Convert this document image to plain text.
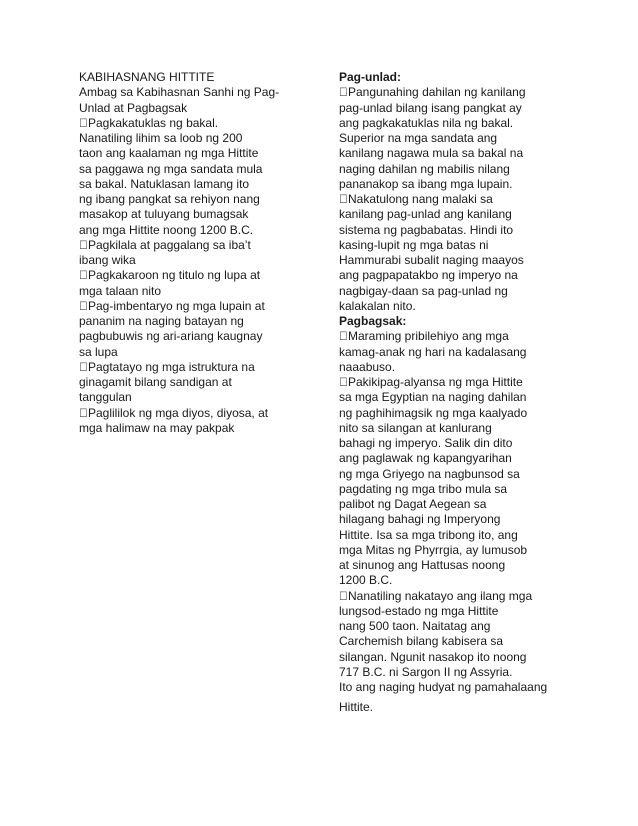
KABIHASNANG HITTITE
Ambag sa Kabihasnan Sanhi ng Pag-
Unlad at Pagbagsak
Pagkakatuklas ng bakal.
Nanatiling lihim sa loob ng 200
taon ang kaalaman ng mga Hittite
sa paggawa ng mga sandata mula
sa bakal. Natuklasan lamang ito
ng ibang pangkat sa rehiyon nang
masakop at tuluyang bumagsak
ang mga Hittite noong 1200 B.C.
Pagkilala at paggalang sa iba’t
ibang wika
Pagkakaroon ng titulo ng lupa at
mga talaan nito
Pag-imbentaryo ng mga lupain at
pananim na naging batayan ng
pagbubuwis ng ari-ariang kaugnay
sa lupa
Pagtatayo ng mga istruktura na
ginagamit bilang sandigan at
tanggulan
Paglililok ng mga diyos, diyosa, at
mga halimaw na may pakpak
Pag-unlad:
Pangunahing dahilan ng kanilang
pag-unlad bilang isang pangkat ay
ang pagkakatuklas nila ng bakal.
Superior na mga sandata ang
kanilang nagawa mula sa bakal na
naging dahilan ng mabilis nilang
pananakop sa ibang mga lupain.
Nakatulong nang malaki sa
kanilang pag-unlad ang kanilang
sistema ng pagbabatas. Hindi ito
kasing-lupit ng mga batas ni
Hammurabi subalit naging maayos
ang pagpapatakbo ng imperyo na
nagbigay-daan sa pag-unlad ng
kalakalan nito.
Pagbagsak:
Maraming pribilehiyo ang mga
kamag-anak ng hari na kadalasang
naaabuso.
Pakikipag-alyansa ng mga Hittite
sa mga Egyptian na naging dahilan
ng paghihimagsik ng mga kaalyado
nito sa silangan at kanlurang
bahagi ng imperyo. Salik din dito
ang paglawak ng kapangyarihan
ng mga Griyego na nagbunsod sa
pagdating ng mga tribo mula sa
palibot ng Dagat Aegean sa
hilagang bahagi ng Imperyong
Hittite. Isa sa mga tribong ito, ang
mga Mitas ng Phyrrgia, ay lumusob
at sinunog ang Hattusas noong
1200 B.C.
Nanatiling nakatayo ang ilang mga
lungsod-estado ng mga Hittite
nang 500 taon. Naitatag ang
Carchemish bilang kabisera sa
silangan. Ngunit nasakop ito noong
717 B.C. ni Sargon II ng Assyria.
Ito ang naging hudyat ng pamahalaang
Hittite.
